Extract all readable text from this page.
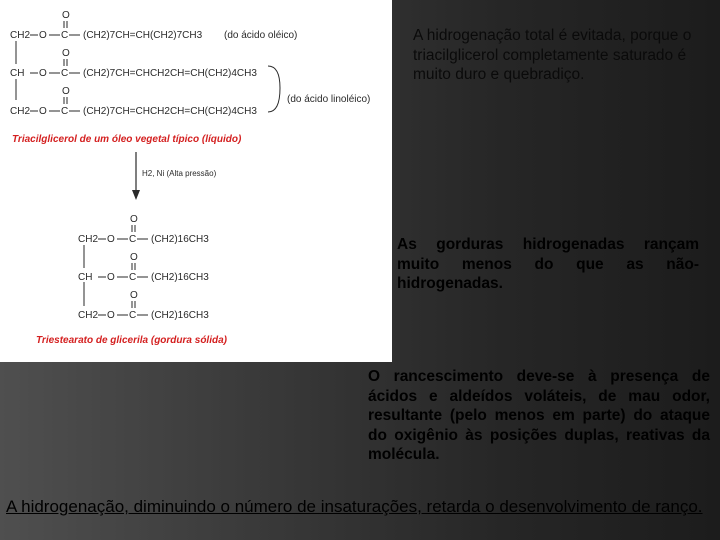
O
CH2 O C (CH2)7CH=CH(CH2)7CH3 (do ácido oléico)
O
CH O C (CH2)7CH=CHCH2CH=CH(CH2)4CH3
O
CH2 O C (CH2)7CH=CHCH2CH=CH(CH2)4CH3
(do ácido linoléico)
Triacilglicerol de um óleo vegetal típico (líquido)
H2, Ni (Alta pressão)
O
CH2 O C (CH2)16CH3
O
CH O C (CH2)16CH3
O
CH2 O C (CH2)16CH3
Triestearato de glicerila (gordura sólida)
A hidrogenação total é evitada, porque o triacilglicerol completamente saturado é muito duro e quebradiço.
As gorduras hidrogenadas rançam muito menos do que as não-hidrogenadas.
O rancescimento deve-se à presença de ácidos e aldeídos voláteis, de mau odor, resultante (pelo menos em parte) do ataque do oxigênio às posições duplas, reativas da molécula.
A hidrogenação, diminuindo o número de insaturações, retarda o desenvolvimento de ranço.
